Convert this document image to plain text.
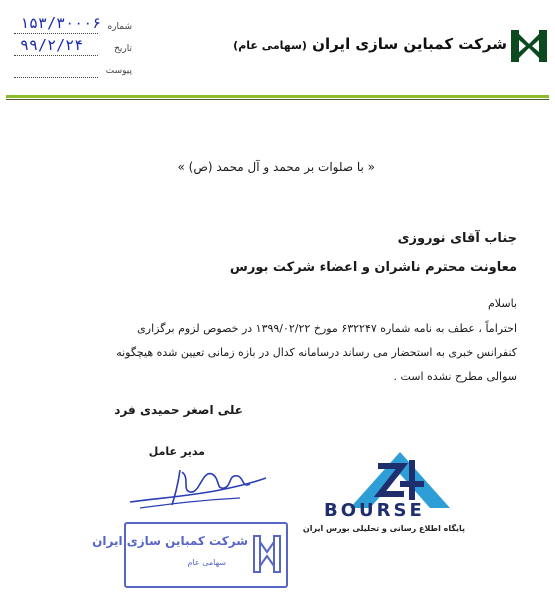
شرکت کمباین سازی ایران (سهامی عام)
۱۵۳/۳۰۰۰۶ شماره
۹۹/۲/۲۴	تاریخ
پیوست
« با صلوات بر محمد و آل محمد (ص) »
جناب آقای نوروزی
معاونت محترم ناشران و اعضاء شرکت بورس
باسلام
احتراماً ، عطف به نامه شماره ۶۳۲۲۴۷ مورخ ۱۳۹۹/۰۲/۲۲ در خصوص لزوم برگزاری
کنفرانس خبری به استحضار می رساند درسامانه کدال در بازه زمانی تعیین شده هیچگونه
سوالی مطرح نشده است .
علی اصغر حمیدی فرد
مدیر عامل
شرکت کمباین سازی ایران
سهامی عام
BOURSE
پایگاه اطلاع رسانی و تحلیلی بورس ایران
